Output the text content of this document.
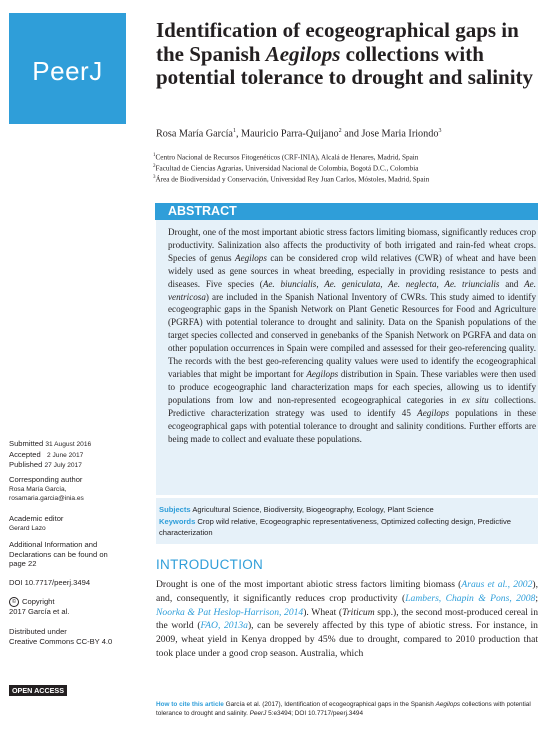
PeerJ
Identification of ecogeographical gaps in the Spanish Aegilops collections with potential tolerance to drought and salinity
Rosa María García$^1$, Mauricio Parra-Quijano$^2$ and Jose Maria Iriondo$^3$
$^1$Centro Nacional de Recursos Fitogenéticos (CRF-INIA), Alcalá de Henares, Madrid, Spain
$^2$Facultad de Ciencias Agrarias, Universidad Nacional de Colombia, Bogotá D.C., Colombia
$^3$Área de Biodiversidad y Conservación, Universidad Rey Juan Carlos, Móstoles, Madrid, Spain
ABSTRACT

Drought, one of the most important abiotic stress factors limiting biomass, significantly reduces crop productivity. Salinization also affects the productivity of both irrigated and rain-fed wheat crops. Species of genus Aegilops can be considered crop wild relatives (CWR) of wheat and have been widely used as gene sources in wheat breeding, especially in providing resistance to pests and diseases. Five species (Ae. biuncialis, Ae. geniculata, Ae. neglecta, Ae. triuncialis and Ae. ventricosa) are included in the Spanish National Inventory of CWRs. This study aimed to identify ecogeographic gaps in the Spanish Network on Plant Genetic Resources for Food and Agriculture (PGRFA) with potential tolerance to drought and salinity. Data on the Spanish populations of the target species collected and conserved in genebanks of the Spanish Network on PGRFA and data on other population occurrences in Spain were compiled and assessed for their geo-referencing quality. The records with the best geo-referencing quality values were used to identify the ecogeographical variables that might be important for Aegilops distribution in Spain. These variables were then used to produce ecogeographic land characterization maps for each species, allowing us to identify populations from low and non-represented ecogeographical categories in ex situ collections. Predictive characterization strategy was used to identify 45 Aegilops populations in these ecogeographical gaps with potential tolerance to drought and salinity conditions. Further efforts are being made to collect and evaluate these populations.

Subjects Agricultural Science, Biodiversity, Biogeography, Ecology, Plant Science
Keywords Crop wild relative, Ecogeographic representativeness, Optimized collecting design, Predictive characterization
Submitted 31 August 2016
Accepted 2 June 2017
Published 27 July 2017
Corresponding author
Rosa María García,
rosamaria.garcia@inia.es
Academic editor
Gerard Lazo
Additional Information and
Declarations can be found on
page 22
DOI 10.7717/peerj.3494
© Copyright
2017 García et al.
Distributed under
Creative Commons CC-BY 4.0
OPEN ACCESS
INTRODUCTION

Drought is one of the most important abiotic stress factors limiting biomass (Araus et al., 2002), and, consequently, it significantly reduces crop productivity (Lambers, Chapin & Pons, 2008; Noorka & Pat Heslop-Harrison, 2014). Wheat (Triticum spp.), the second most-produced cereal in the world (FAO, 2013a), can be severely affected by this type of abiotic stress. For instance, in 2009, wheat yield in Kenya dropped by 45% due to drought, compared to 2010 production that took place under a good crop season. Australia, which

How to cite this article García et al. (2017), Identification of ecogeographical gaps in the Spanish Aegilops collections with potential tolerance to drought and salinity. PeerJ 5:e3494; DOI 10.7717/peerj.3494
